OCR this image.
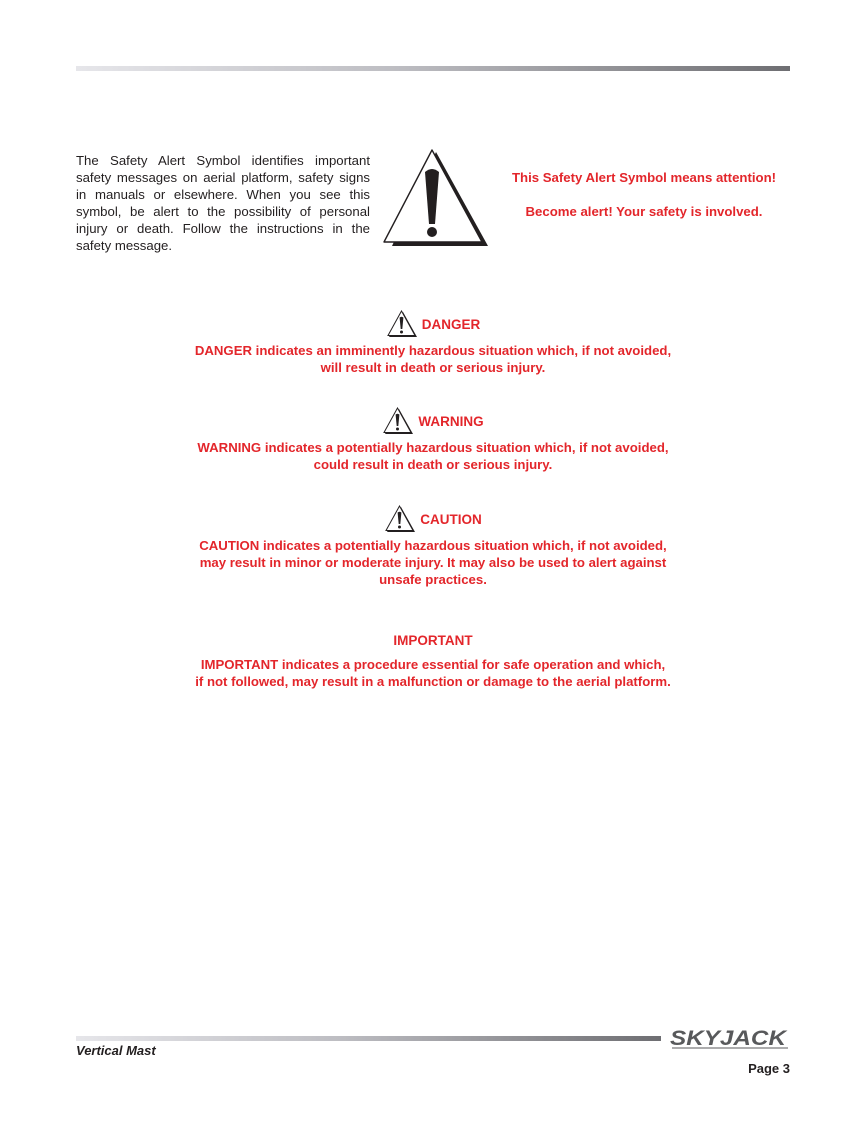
The Safety Alert Symbol identifies important safety messages on aerial platform, safety signs in manuals or elsewhere. When you see this symbol, be alert to the possibility of personal injury or death. Follow the instructions in the safety message.

This Safety Alert Symbol means attention!
Become alert! Your safety is involved.
DANGER
DANGER indicates an imminently hazardous situation which, if not avoided,
will result in death or serious injury.
WARNING
WARNING indicates a potentially hazardous situation which, if not avoided,
could result in death or serious injury.
CAUTION
CAUTION indicates a potentially hazardous situation which, if not avoided,
may result in minor or moderate injury. It may also be used to alert against
unsafe practices.
IMPORTANT
IMPORTANT indicates a procedure essential for safe operation and which,
if not followed, may result in a malfunction or damage to the aerial platform.
SKYJACK
Vertical Mast
Page 3
